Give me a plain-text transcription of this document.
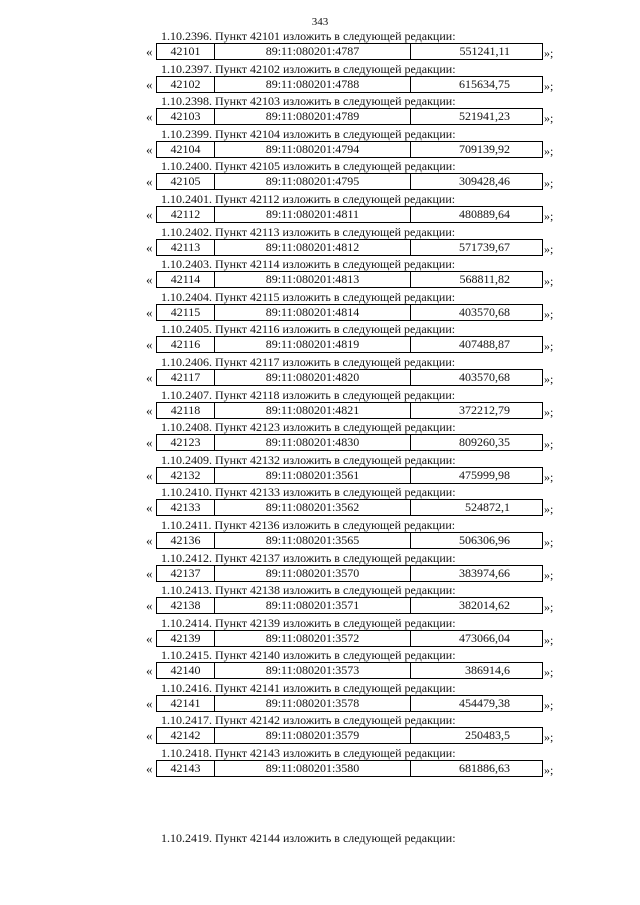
343
1.10.2396. Пункт 42101 изложить в следующей редакции:
«	42101	89:11:080201:4787	551241,11	»;
1.10.2397. Пункт 42102 изложить в следующей редакции:
«	42102	89:11:080201:4788	615634,75	»;
1.10.2398. Пункт 42103 изложить в следующей редакции:
«	42103	89:11:080201:4789	521941,23	»;
1.10.2399. Пункт 42104 изложить в следующей редакции:
«	42104	89:11:080201:4794	709139,92	»;
1.10.2400. Пункт 42105 изложить в следующей редакции:
«	42105	89:11:080201:4795	309428,46	»;
1.10.2401. Пункт 42112 изложить в следующей редакции:
«	42112	89:11:080201:4811	480889,64	»;
1.10.2402. Пункт 42113 изложить в следующей редакции:
«	42113	89:11:080201:4812	571739,67	»;
1.10.2403. Пункт 42114 изложить в следующей редакции:
«	42114	89:11:080201:4813	568811,82	»;
1.10.2404. Пункт 42115 изложить в следующей редакции:
«	42115	89:11:080201:4814	403570,68	»;
1.10.2405. Пункт 42116 изложить в следующей редакции:
«	42116	89:11:080201:4819	407488,87	»;
1.10.2406. Пункт 42117 изложить в следующей редакции:
«	42117	89:11:080201:4820	403570,68	»;
1.10.2407. Пункт 42118 изложить в следующей редакции:
«	42118	89:11:080201:4821	372212,79	»;
1.10.2408. Пункт 42123 изложить в следующей редакции:
«	42123	89:11:080201:4830	809260,35	»;
1.10.2409. Пункт 42132 изложить в следующей редакции:
«	42132	89:11:080201:3561	475999,98	»;
1.10.2410. Пункт 42133 изложить в следующей редакции:
«	42133	89:11:080201:3562	524872,1	»;
1.10.2411. Пункт 42136 изложить в следующей редакции:
«	42136	89:11:080201:3565	506306,96	»;
1.10.2412. Пункт 42137 изложить в следующей редакции:
«	42137	89:11:080201:3570	383974,66	»;
1.10.2413. Пункт 42138 изложить в следующей редакции:
«	42138	89:11:080201:3571	382014,62	»;
1.10.2414. Пункт 42139 изложить в следующей редакции:
«	42139	89:11:080201:3572	473066,04	»;
1.10.2415. Пункт 42140 изложить в следующей редакции:
«	42140	89:11:080201:3573	386914,6	»;
1.10.2416. Пункт 42141 изложить в следующей редакции:
«	42141	89:11:080201:3578	454479,38	»;
1.10.2417. Пункт 42142 изложить в следующей редакции:
«	42142	89:11:080201:3579	250483,5	»;
1.10.2418. Пункт 42143 изложить в следующей редакции:
«	42143	89:11:080201:3580	681886,63	»;
1.10.2419. Пункт 42144 изложить в следующей редакции:
